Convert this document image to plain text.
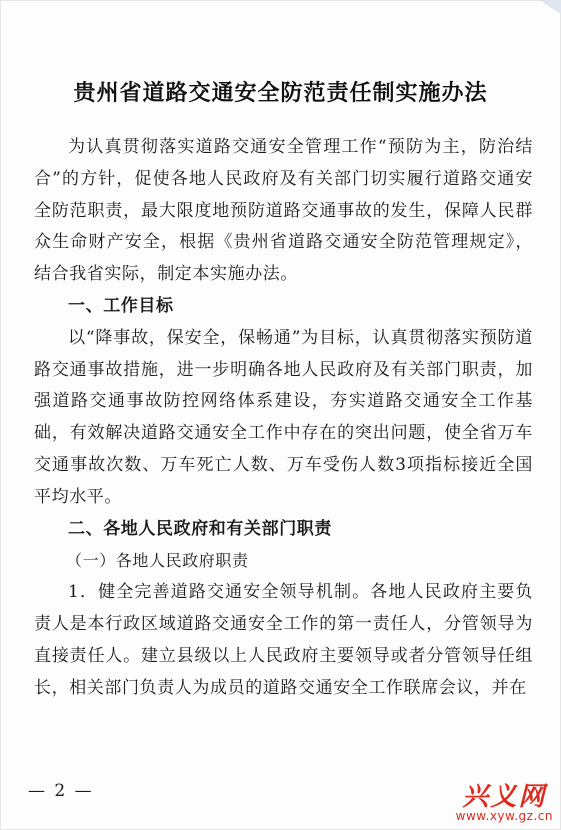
贵州省道路交通安全防范责任制实施办法

为认真贯彻落实道路交通安全管理工作“预防为主，防治结合”的方针，促使各地人民政府及有关部门切实履行道路交通安全防范职责，最大限度地预防道路交通事故的发生，保障人民群众生命财产安全，根据《贵州省道路交通安全防范管理规定》，结合我省实际，制定本实施办法。

一、工作目标

以“降事故，保安全，保畅通”为目标，认真贯彻落实预防道路交通事故措施，进一步明确各地人民政府及有关部门职责，加强道路交通事故防控网络体系建设，夯实道路交通安全工作基础，有效解决道路交通安全工作中存在的突出问题，使全省万车交通事故次数、万车死亡人数、万车受伤人数3项指标接近全国平均水平。

二、各地人民政府和有关部门职责

（一）各地人民政府职责

1．健全完善道路交通安全领导机制。各地人民政府主要负责人是本行政区域道路交通安全工作的第一责任人，分管领导为直接责任人。建立县级以上人民政府主要领导或者分管领导任组长，相关部门负责人为成员的道路交通安全工作联席会议，并在

— 2 —	兴义网
www.xyw.gz.cn
